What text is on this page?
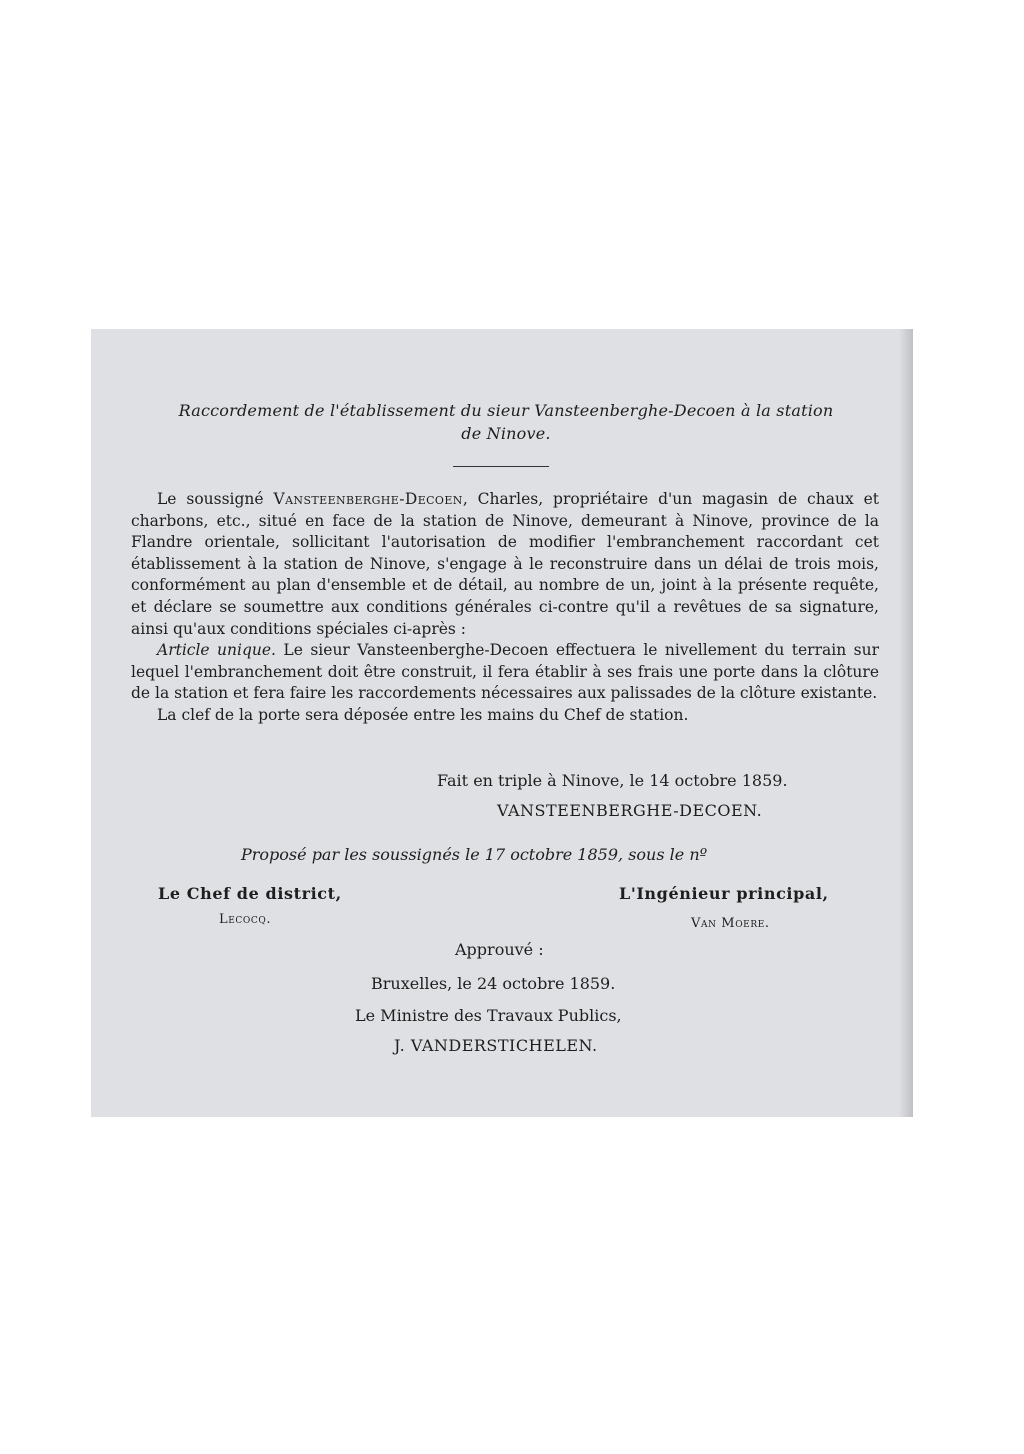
Raccordement de l'établissement du sieur Vansteenberghe-Decoen à la station
de Ninove.

Le soussigné Vansteenberghe-Decoen, Charles, propriétaire d'un magasin de chaux et charbons, etc., situé en face de la station de Ninove, demeurant à Ninove, province de la Flandre orientale, sollicitant l'autorisation de modifier l'embranchement raccordant cet établissement à la station de Ninove, s'engage à le reconstruire dans un délai de trois mois, conformément au plan d'ensemble et de détail, au nombre de un, joint à la présente requête, et déclare se soumettre aux conditions générales ci-contre qu'il a revêtues de sa signature, ainsi qu'aux conditions spéciales ci-après :

Article unique. Le sieur Vansteenberghe-Decoen effectuera le nivellement du terrain sur lequel l'embranchement doit être construit, il fera établir à ses frais une porte dans la clôture de la station et fera faire les raccordements nécessaires aux palissades de la clôture existante.

La clef de la porte sera déposée entre les mains du Chef de station.

Fait en triple à Ninove, le 14 octobre 1859.
VANSTEENBERGHE-DECOEN.
Proposé par les soussignés le 17 octobre 1859, sous le nº
Le Chef de district,
Lecocq.
L'Ingénieur principal,
Van Moere.
Approuvé :
Bruxelles, le 24 octobre 1859.
Le Ministre des Travaux Publics,
J. VANDERSTICHELEN.
